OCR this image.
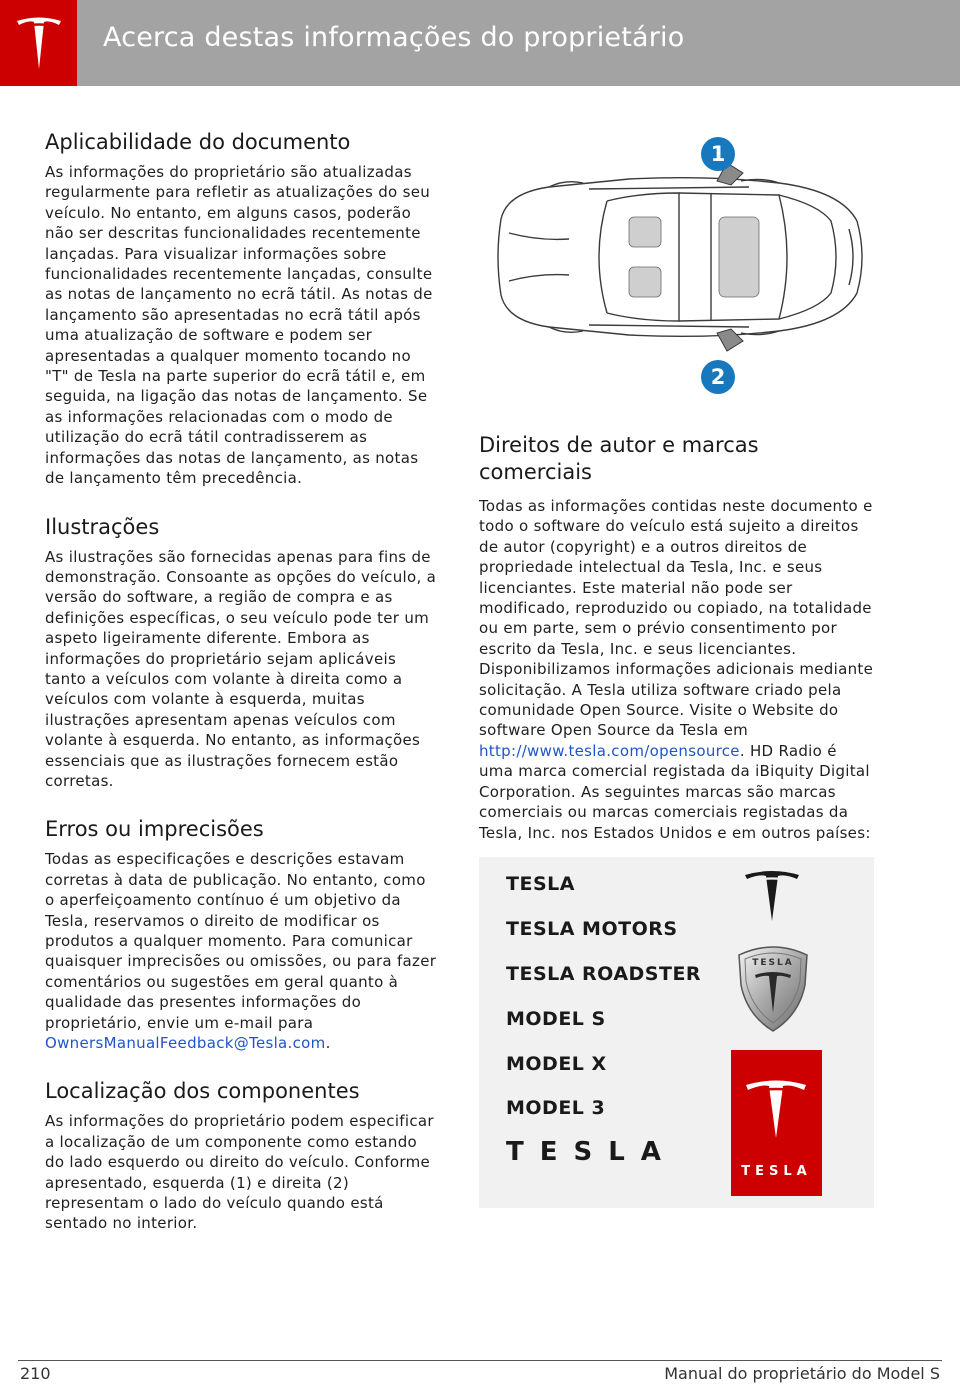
Acerca destas informações do proprietário
Aplicabilidade do documento

As informações do proprietário são atualizadas regularmente para refletir as atualizações do seu veículo. No entanto, em alguns casos, poderão não ser descritas funcionalidades recentemente lançadas. Para visualizar informações sobre funcionalidades recentemente lançadas, consulte as notas de lançamento no ecrã tátil. As notas de lançamento são apresentadas no ecrã tátil após uma atualização de software e podem ser apresentadas a qualquer momento tocando no "T" de Tesla na parte superior do ecrã tátil e, em seguida, na ligação das notas de lançamento. Se as informações relacionadas com o modo de utilização do ecrã tátil contradisserem as informações das notas de lançamento, as notas de lançamento têm precedência.

Ilustrações

As ilustrações são fornecidas apenas para fins de demonstração. Consoante as opções do veículo, a versão do software, a região de compra e as definições específicas, o seu veículo pode ter um aspeto ligeiramente diferente. Embora as informações do proprietário sejam aplicáveis tanto a veículos com volante à direita como a veículos com volante à esquerda, muitas ilustrações apresentam apenas veículos com volante à esquerda. No entanto, as informações essenciais que as ilustrações fornecem estão corretas.

Erros ou imprecisões

Todas as especificações e descrições estavam corretas à data de publicação. No entanto, como o aperfeiçoamento contínuo é um objetivo da Tesla, reservamos o direito de modificar os produtos a qualquer momento. Para comunicar quaisquer imprecisões ou omissões, ou para fazer comentários ou sugestões em geral quanto à qualidade das presentes informações do proprietário, envie um e-mail para OwnersManualFeedback@Tesla.com.

Localização dos componentes

As informações do proprietário podem especificar a localização de um componente como estando do lado esquerdo ou direito do veículo. Conforme apresentado, esquerda (1) e direita (2) representam o lado do veículo quando está sentado no interior.

1
2
Direitos de autor e marcas comerciais

Todas as informações contidas neste documento e todo o software do veículo está sujeito a direitos de autor (copyright) e a outros direitos de propriedade intelectual da Tesla, Inc. e seus licenciantes. Este material não pode ser modificado, reproduzido ou copiado, na totalidade ou em parte, sem o prévio consentimento por escrito da Tesla, Inc. e seus licenciantes. Disponibilizamos informações adicionais mediante solicitação. A Tesla utiliza software criado pela comunidade Open Source. Visite o Website do software Open Source da Tesla em http://www.tesla.com/opensource. HD Radio é uma marca comercial registada da iBiquity Digital Corporation. As seguintes marcas são marcas comerciais ou marcas comerciais registadas da Tesla, Inc. nos Estados Unidos e em outros países:

TESLA
TESLA MOTORS
TESLA ROADSTER
MODEL S
MODEL X
MODEL 3
TESLA
TESLA
TESLA
210	Manual do proprietário do Model S
